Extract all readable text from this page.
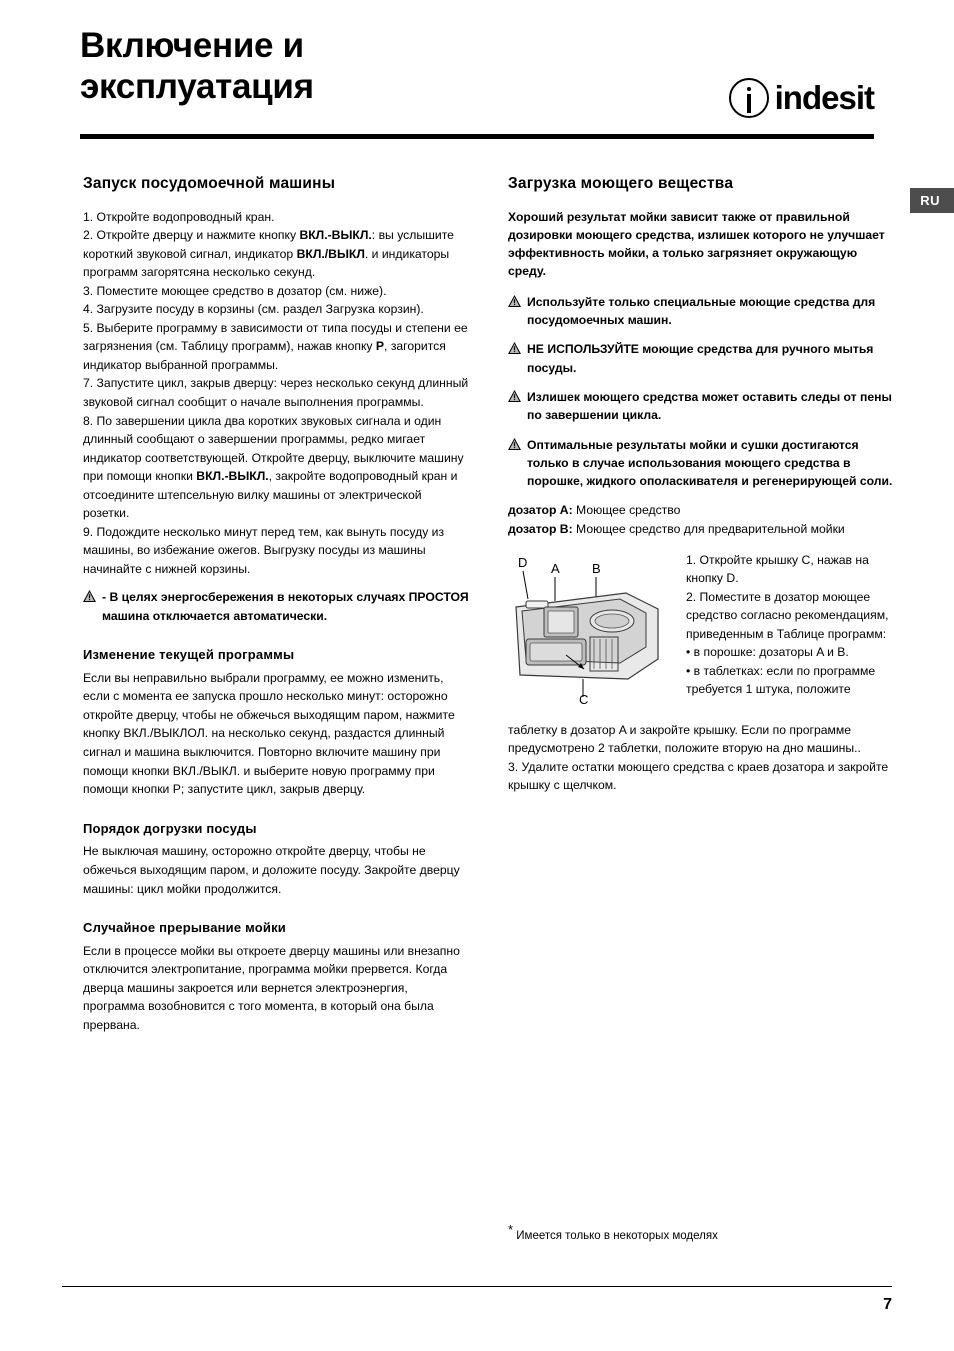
Включение и эксплуатация	indesit
RU
Запуск посудомоечной машины

1. Откройте водопроводный кран.

2. Откройте дверцу и нажмите кнопку ВКЛ.-ВЫКЛ.: вы услышите короткий звуковой сигнал, индикатор ВКЛ./ВЫКЛ. и индикаторы программ загорятсяна несколько секунд.

3. Поместите моющее средство в дозатор (см. ниже).

4. Загрузите посуду в корзины (см. раздел Загрузка корзин).

5. Выберите программу в зависимости от типа посуды и степени ее загрязнения (см. Таблицу программ), нажав кнопку P, загорится индикатор выбранной программы.

7. Запустите цикл, закрыв дверцу: через несколько секунд длинный звуковой сигнал сообщит о начале выполнения программы.

8. По завершении цикла два коротких звуковых сигнала и один длинный сообщают о завершении программы, редко мигает индикатор соответствующей. Откройте дверцу, выключите машину при помощи кнопки ВКЛ.-ВЫКЛ., закройте водопроводный кран и отсоедините штепсельную вилку машины от электрической розетки.

9. Подождите несколько минут перед тем, как вынуть посуду из машины, во избежание ожегов. Выгрузку посуды из машины начинайте с нижней корзины.

- В целях энергосбережения в некоторых случаях ПРОСТОЯ машина отключается автоматически.
Изменение текущей программы

Если вы неправильно выбрали программу, ее можно изменить, если с момента ее запуска прошло несколько минут: осторожно откройте дверцу, чтобы не обжечься выходящим паром, нажмите кнопку ВКЛ./ВЫКЛОЛ. на несколько секунд, раздастся длинный сигнал и машина выключится. Повторно включите машину при помощи кнопки ВКЛ./ВЫКЛ. и выберите новую программу при помощи кнопки P; запустите цикл, закрыв дверцу.

Порядок догрузки посуды

Не выключая машину, осторожно откройте дверцу, чтобы не обжечься выходящим паром, и доложите посуду. Закройте дверцу машины: цикл мойки продолжится.

Случайное прерывание мойки

Если в процессе мойки вы откроете дверцу машины или внезапно отключится электропитание, программа мойки прервется. Когда дверца машины закроется или вернется электроэнергия, программа возобновится с того момента, в который она была прервана.

Загрузка моющего вещества
Хороший результат мойки зависит также от правильной дозировки моющего средства, излишек которого не улучшает эффективность мойки, а только загрязняет окружающую среду.
Используйте только специальные моющие средства для посудомоечных машин.
НЕ ИСПОЛЬЗУЙТЕ моющие средства для ручного мытья посуды.
Излишек моющего средства может оставить следы от пены по завершении цикла.
Оптимальные результаты мойки и сушки достигаются только в случае использования моющего средства в порошке, жидкого ополаскивателя и регенерирующей соли.

дозатор A: Моющее средство

дозатор B: Моющее средство для предварительной мойки

D A B
C

1. Откройте крышку C, нажав на кнопку D.

2. Поместите в дозатор моющее средство согласно рекомендациям, приведенным в Таблице программ:

• в порошке: дозаторы A и B.

• в таблетках: если по программе требуется 1 штука, положите

таблетку в дозатор A и закройте крышку. Если по программе предусмотрено 2 таблетки, положите вторую на дно машины..

3. Удалите остатки моющего средства с краев дозатора и закройте крышку с щелчком.

* Имеется только в некоторых моделях
7
